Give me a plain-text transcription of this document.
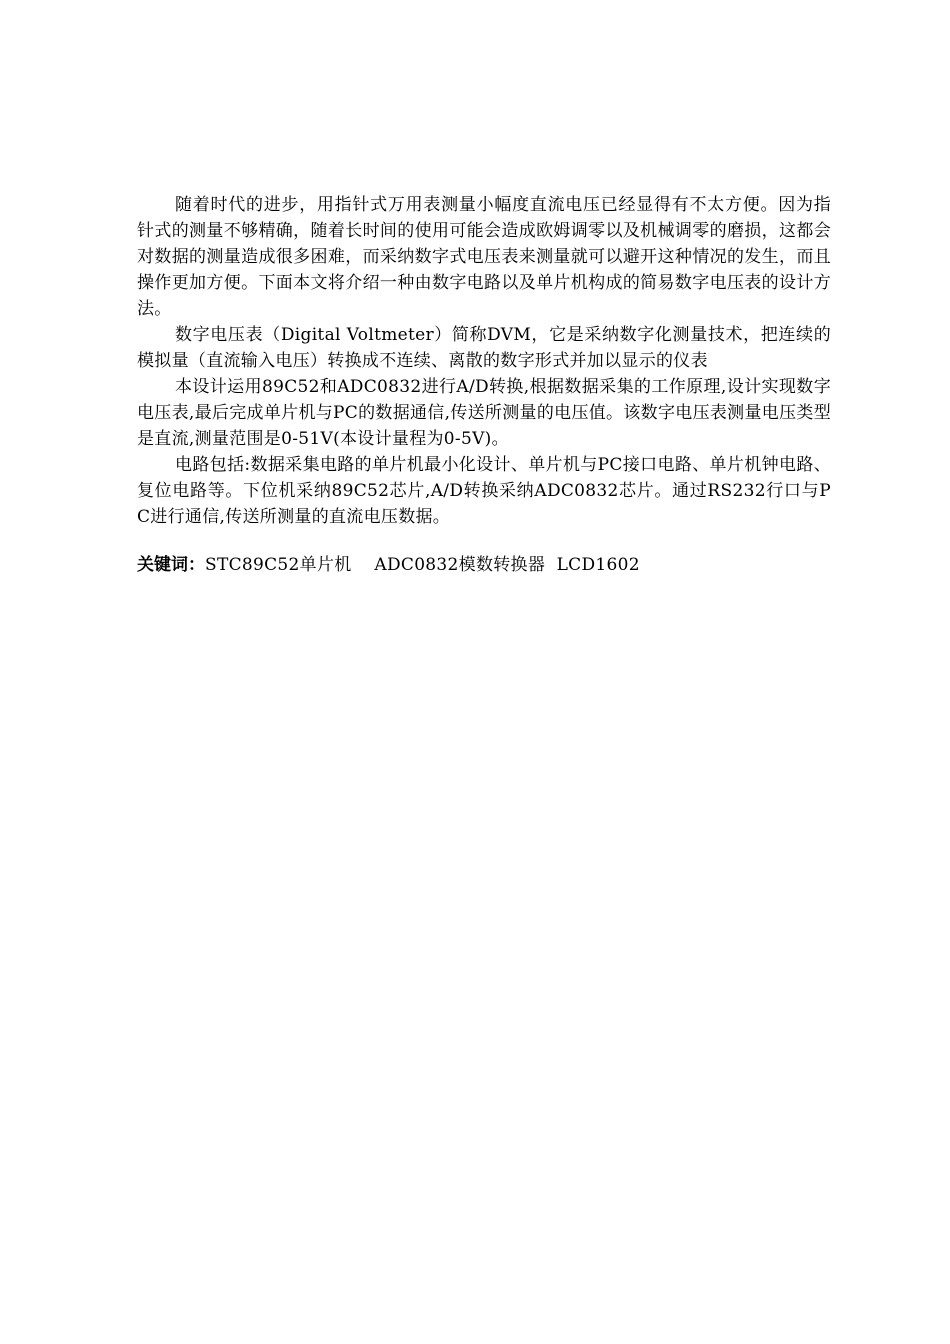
随着时代的进步，用指针式万用表测量小幅度直流电压已经显得有不太方便。因为指针式的测量不够精确，随着长时间的使用可能会造成欧姆调零以及机械调零的磨损，这都会对数据的测量造成很多困难，而采纳数字式电压表来测量就可以避开这种情况的发生，而且操作更加方便。下面本文将介绍一种由数字电路以及单片机构成的简易数字电压表的设计方法。

数字电压表（Digital Voltmeter）简称DVM，它是采纳数字化测量技术，把连续的模拟量（直流输入电压）转换成不连续、离散的数字形式并加以显示的仪表

本设计运用89C52和ADC0832进行A/D转换,根据数据采集的工作原理,设计实现数字电压表,最后完成单片机与PC的数据通信,传送所测量的电压值。该数字电压表测量电压类型是直流,测量范围是0-51V(本设计量程为0-5V)。

电路包括:数据采集电路的单片机最小化设计、单片机与PC接口电路、单片机钟电路、复位电路等。下位机采纳89C52芯片,A/D转换采纳ADC0832芯片。通过RS232行口与PC进行通信,传送所测量的直流电压数据。

关键词：STC89C52单片机    ADC0832模数转换器  LCD1602
